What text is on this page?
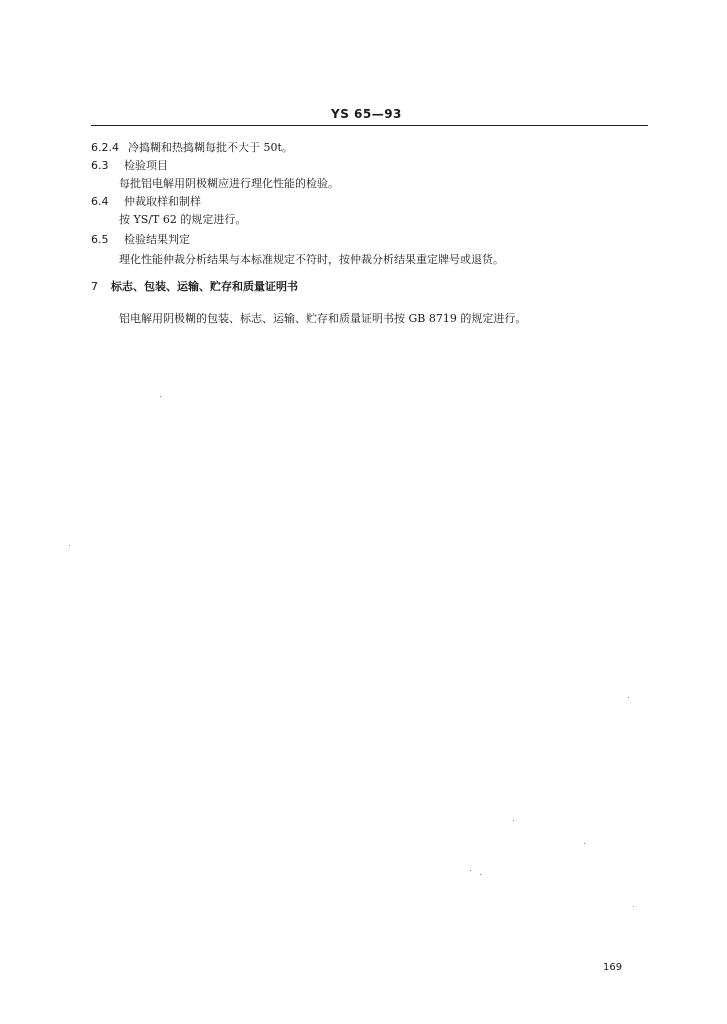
YS 65—93
6.2.4 冷捣糊和热捣糊每批不大于 50t。
6.3 检验项目
每批铝电解用阴极糊应进行理化性能的检验。
6.4 仲裁取样和制样
按 YS/T 62 的规定进行。
6.5 检验结果判定
理化性能仲裁分析结果与本标准规定不符时，按仲裁分析结果重定牌号或退货。
7 标志、包装、运输、贮存和质量证明书
铝电解用阴极糊的包装、标志、运输、贮存和质量证明书按 GB 8719 的规定进行。
169
